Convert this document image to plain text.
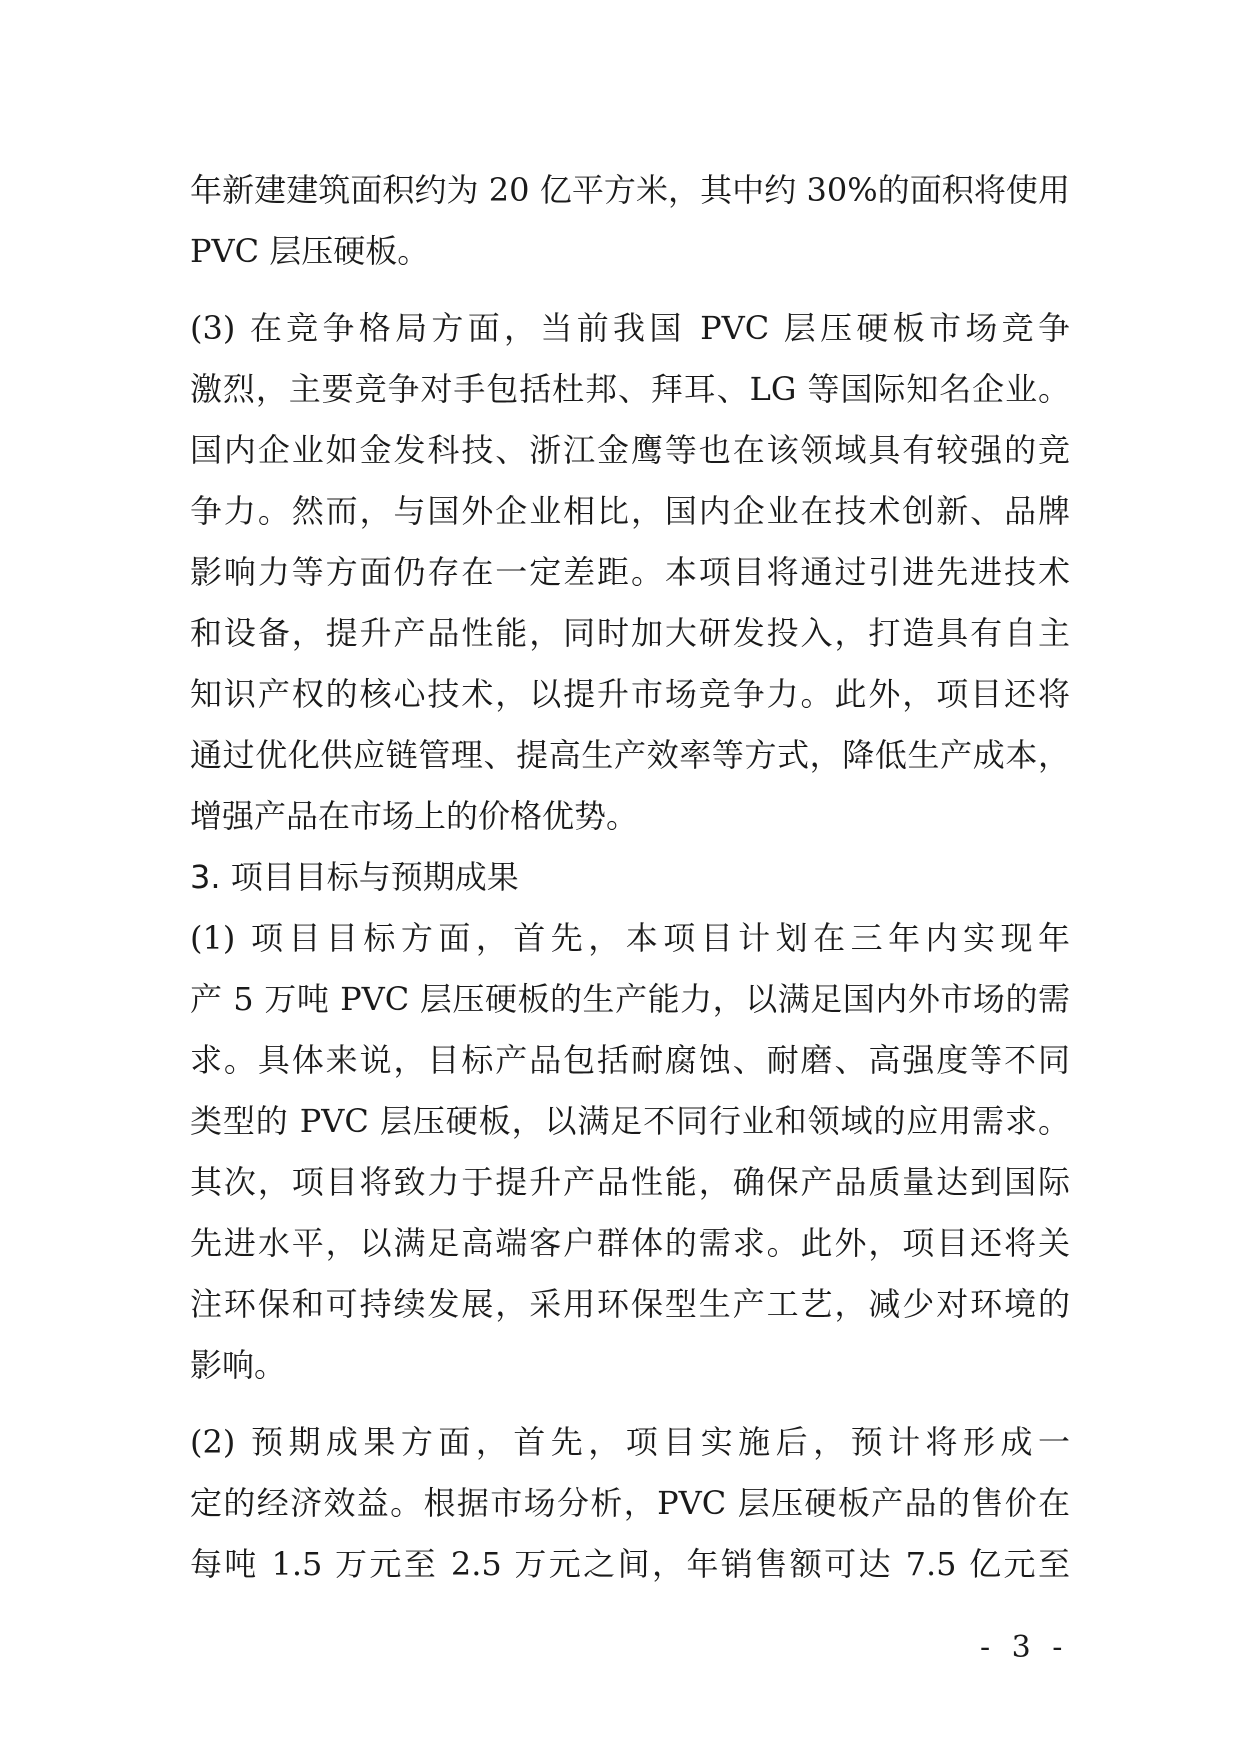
年新建建筑面积约为 20 亿平方米，其中约 30%的面积将使用
PVC 层压硬板。
(3) 在竞争格局方面，当前我国 PVC 层压硬板市场竞争
激烈，主要竞争对手包括杜邦、拜耳、LG 等国际知名企业。
国内企业如金发科技、浙江金鹰等也在该领域具有较强的竞
争力。然而，与国外企业相比，国内企业在技术创新、品牌
影响力等方面仍存在一定差距。本项目将通过引进先进技术
和设备，提升产品性能，同时加大研发投入，打造具有自主
知识产权的核心技术，以提升市场竞争力。此外，项目还将
通过优化供应链管理、提高生产效率等方式，降低生产成本，
增强产品在市场上的价格优势。
3. 项目目标与预期成果
(1) 项目目标方面，首先，本项目计划在三年内实现年
产 5 万吨 PVC 层压硬板的生产能力，以满足国内外市场的需
求。具体来说，目标产品包括耐腐蚀、耐磨、高强度等不同
类型的 PVC 层压硬板，以满足不同行业和领域的应用需求。
其次，项目将致力于提升产品性能，确保产品质量达到国际
先进水平，以满足高端客户群体的需求。此外，项目还将关
注环保和可持续发展，采用环保型生产工艺，减少对环境的
影响。
(2) 预期成果方面，首先，项目实施后，预计将形成一
定的经济效益。根据市场分析，PVC 层压硬板产品的售价在
每吨 1.5 万元至 2.5 万元之间，年销售额可达 7.5 亿元至
- 3 -
